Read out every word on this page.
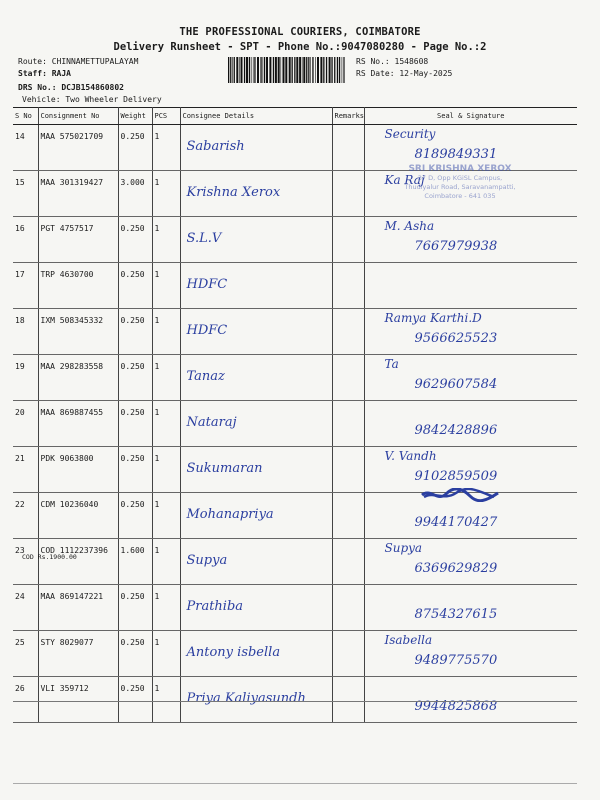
THE PROFESSIONAL COURIERS, COIMBATORE
Delivery Runsheet - SPT - Phone No.:9047080280 - Page No.:2
Route: CHINNAMETTUPALAYAM
Staff: RAJA
DRS No.: DCJB154860802
Vehicle: Two Wheeler Delivery
RS No.: 1548608
RS Date: 12-May-2025
S No	Consignment No	Weight	PCS	Consignee Details	Remarks	Seal & Signature
14	MAA 575021709	0.250	1	Sabarish		Security
8189849331

15	MAA 301319427	3.000	1	Krishna Xerox		Ka Raj

16	PGT 4757517	0.250	1	S.L.V		M. Asha
7667979938

17	TRP 4630700	0.250	1	HDFC		

18	IXM 508345332	0.250	1	HDFC		Ramya Karthi.D
9566625523

19	MAA 298283558	0.250	1	Tanaz		Ta
9629607584

20	MAA 869887455	0.250	1	Nataraj		9842428896

21	PDK 9063800	0.250	1	Sukumaran		V. Vandh
9102859509

22	CDM 10236040	0.250	1	Mohanapriya		9944170427

23	COD 1112237396	1.600	1	Supya		Supya
6369629829

24	MAA 869147221	0.250	1	Prathiba		8754327615

25	STY 8029077	0.250	1	Antony isbella		Isabella
9489775570

26	VLI 359712	0.250	1	Priya Kaliyasundh		9944825868
COD Rs.1900.00
SRI KRISHNA XEROX
37 D, Opp KGiSL Campus,
Thudiyalur Road, Saravanampatti,
Coimbatore - 641 035
